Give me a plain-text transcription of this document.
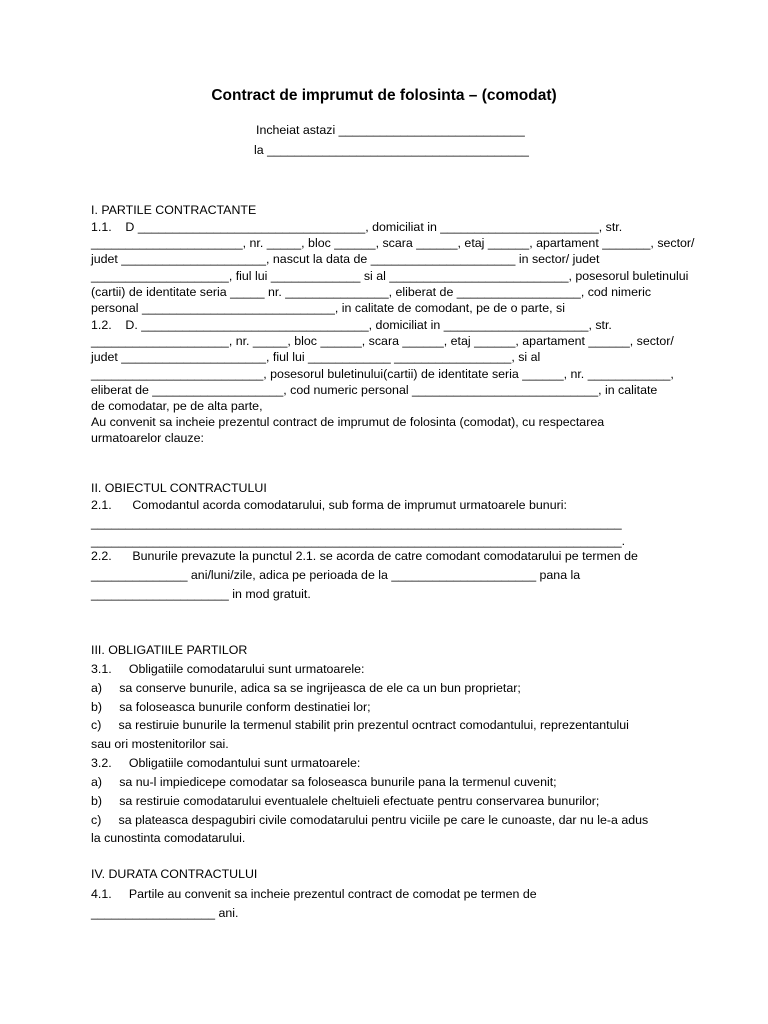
Contract de imprumut de folosinta – (comodat)
Incheiat astazi ___________________________
la ______________________________________
I. PARTILE CONTRACTANTE
1.1.    D _________________________________, domiciliat in _______________________, str.
______________________, nr. _____, bloc ______, scara ______, etaj ______, apartament _______, sector/
judet _____________________, nascut la data de _____________________ in sector/ judet
____________________, fiul lui _____________ si al __________________________, posesorul buletinului
(cartii) de identitate seria _____ nr. _______________, eliberat de __________________, cod nimeric
personal ____________________________, in calitate de comodant, pe de o parte, si
1.2.    D. _________________________________, domiciliat in _____________________, str.
____________________, nr. _____, bloc ______, scara ______, etaj ______, apartament ______, sector/
judet _____________________, fiul lui ____________ _________________, si al
_________________________, posesorul buletinului(cartii) de identitate seria ______, nr. ____________,
eliberat de ___________________, cod numeric personal ___________________________, in calitate
de comodatar, pe de alta parte,
Au convenit sa incheie prezentul contract de imprumut de folosinta (comodat), cu respectarea
urmatoarelor clauze:
II. OBIECTUL CONTRACTULUI
2.1.      Comodantul acorda comodatarului, sub forma de imprumut urmatoarele bunuri:
_____________________________________________________________________________
_____________________________________________________________________________.
2.2.      Bunurile prevazute la punctul 2.1. se acorda de catre comodant comodatarului pe termen de
______________ ani/luni/zile, adica pe perioada de la _____________________ pana la
____________________ in mod gratuit.
III. OBLIGATIILE PARTILOR
3.1.     Obligatiile comodatarului sunt urmatoarele:
a)     sa conserve bunurile, adica sa se ingrijeasca de ele ca un bun proprietar;
b)     sa foloseasca bunurile conform destinatiei lor;
c)     sa restiruie bunurile la termenul stabilit prin prezentul ocntract comodantului, reprezentantului
sau ori mostenitorilor sai.
3.2.     Obligatiile comodantului sunt urmatoarele:
a)     sa nu-l impiedicepe comodatar sa foloseasca bunurile pana la termenul cuvenit;
b)     sa restiruie comodatarului eventualele cheltuieli efectuate pentru conservarea bunurilor;
c)     sa plateasca despagubiri civile comodatarului pentru viciile pe care le cunoaste, dar nu le-a adus
la cunostinta comodatarului.
IV. DURATA CONTRACTULUI
4.1.     Partile au convenit sa incheie prezentul contract de comodat pe termen de
__________________ ani.
